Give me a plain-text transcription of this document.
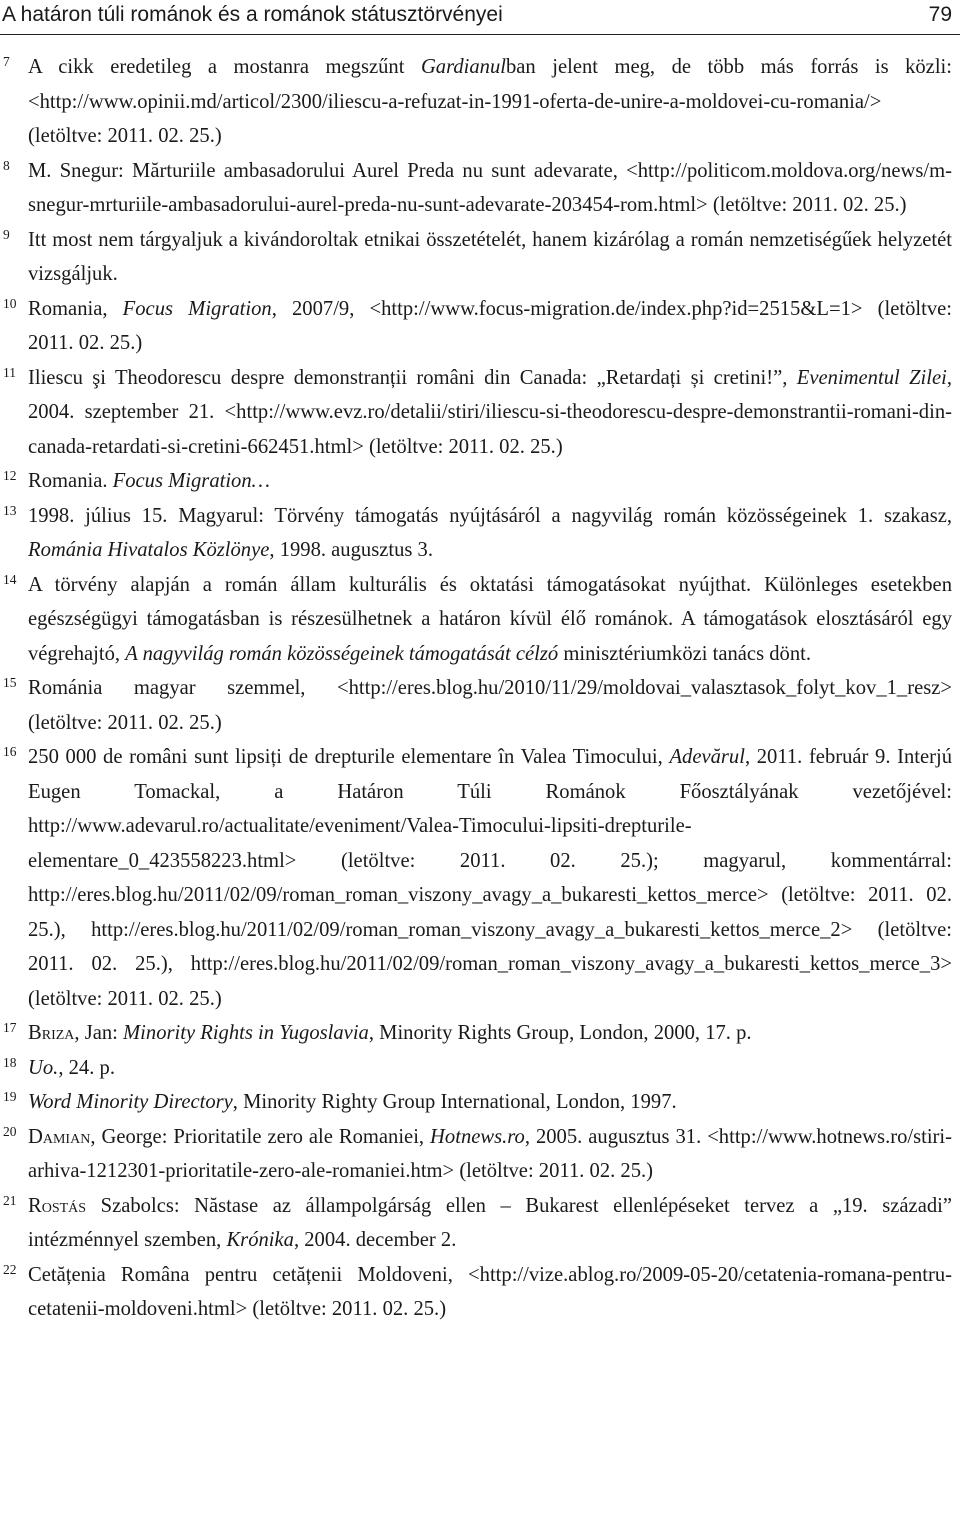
A határon túli románok és a románok státusztörvényei	79
7 A cikk eredetileg a mostanra megszűnt Gardianulban jelent meg, de több más forrás is közli: <http://www.opinii.md/articol/2300/iliescu-a-refuzat-in-1991-oferta-de-unire-a-moldovei-cu-romania/> (letöltve: 2011. 02. 25.)
8 M. Snegur: Mărturiile ambasadorului Aurel Preda nu sunt adevarate, <http://politicom.moldova.org/news/m-snegur-mrturiile-ambasadorului-aurel-preda-nu-sunt-adevarate-203454-rom.html> (letöltve: 2011. 02. 25.)
9 Itt most nem tárgyaljuk a kivándoroltak etnikai összetételét, hanem kizárólag a román nemzetiségűek helyzetét vizsgáljuk.
10 Romania, Focus Migration, 2007/9, <http://www.focus-migration.de/index.php?id=2515&L=1> (letöltve: 2011. 02. 25.)
11 Iliescu şi Theodorescu despre demonstranții români din Canada: „Retardați și cretini!”, Evenimentul Zilei, 2004. szeptember 21. <http://www.evz.ro/detalii/stiri/iliescu-si-theodorescu-despre-demonstrantii-romani-din-canada-retardati-si-cretini-662451.html> (letöltve: 2011. 02. 25.)
12 Romania. Focus Migration…
13 1998. július 15. Magyarul: Törvény támogatás nyújtásáról a nagyvilág román közösségeinek 1. szakasz, Románia Hivatalos Közlönye, 1998. augusztus 3.
14 A törvény alapján a román állam kulturális és oktatási támogatásokat nyújthat. Különleges esetekben egészségügyi támogatásban is részesülhetnek a határon kívül élő románok. A támogatások elosztásáról egy végrehajtó, A nagyvilág román közösségeinek támogatását célzó minisztériumközi tanács dönt.
15 Románia magyar szemmel, <http://eres.blog.hu/2010/11/29/moldovai_valasztasok_folyt_kov_1_resz> (letöltve: 2011. 02. 25.)
16 250 000 de români sunt lipsiți de drepturile elementare în Valea Timocului, Adevărul, 2011. február 9. Interjú Eugen Tomackal, a Határon Túli Románok Főosztályának vezetőjével: http://www.adevarul.ro/actualitate/eveniment/Valea-Timocului-lipsiti-drepturile-elementare_0_423558223.html> (letöltve: 2011. 02. 25.); magyarul, kommentárral: http://eres.blog.hu/2011/02/09/roman_roman_viszony_avagy_a_bukaresti_kettos_merce> (letöltve: 2011. 02. 25.), http://eres.blog.hu/2011/02/09/roman_roman_viszony_avagy_a_bukaresti_kettos_merce_2> (letöltve: 2011. 02. 25.), http://eres.blog.hu/2011/02/09/roman_roman_viszony_avagy_a_bukaresti_kettos_merce_3> (letöltve: 2011. 02. 25.)
17 Briza, Jan: Minority Rights in Yugoslavia, Minority Rights Group, London, 2000, 17. p.
18 Uo., 24. p.
19 Word Minority Directory, Minority Righty Group International, London, 1997.
20 Damian, George: Prioritatile zero ale Romaniei, Hotnews.ro, 2005. augusztus 31. <http://www.hotnews.ro/stiri-arhiva-1212301-prioritatile-zero-ale-romaniei.htm> (letöltve: 2011. 02. 25.)
21 Rostás Szabolcs: Năstase az állampolgárság ellen – Bukarest ellenlépéseket tervez a „19. századi” intézménnyel szemben, Krónika, 2004. december 2.
22 Cetățenia Româna pentru cetățenii Moldoveni, <http://vize.ablog.ro/2009-05-20/cetatenia-romana-pentru-cetatenii-moldoveni.html> (letöltve: 2011. 02. 25.)
